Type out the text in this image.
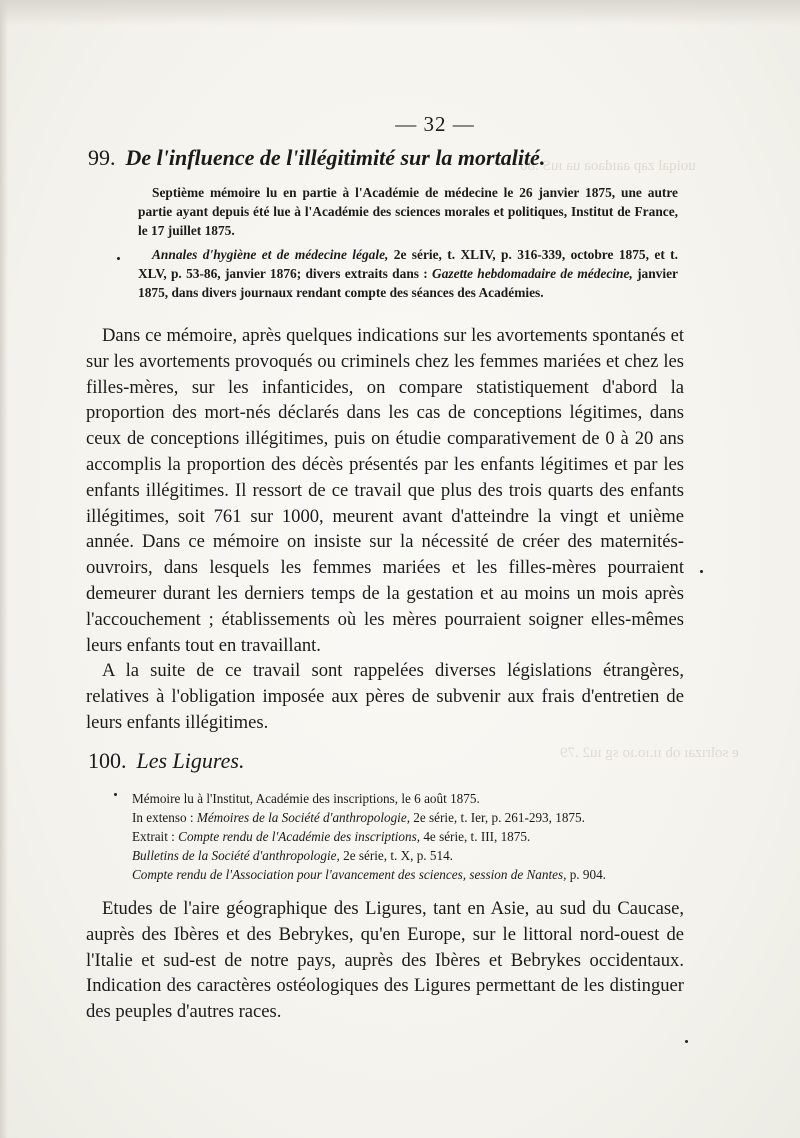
uoiqal zap aaıdaoa ua ıuS .80
e solrızaı ob ıı.ıo.ıo sg ıu2 .79
— 32 —
99. De l'influence de l'illégitimité sur la mortalité.

Septième mémoire lu en partie à l'Académie de médecine le 26 janvier 1875, une autre partie ayant depuis été lue à l'Académie des sciences morales et politiques, Institut de France, le 17 juillet 1875.

Annales d'hygiène et de médecine légale, 2e série, t. XLIV, p. 316-339, octobre 1875, et t. XLV, p. 53-86, janvier 1876; divers extraits dans : Gazette hebdomadaire de médecine, janvier 1875, dans divers journaux rendant compte des séances des Académies.

Dans ce mémoire, après quelques indications sur les avortements spontanés et sur les avortements provoqués ou criminels chez les femmes mariées et chez les filles-mères, sur les infanticides, on compare statistiquement d'abord la proportion des mort-nés déclarés dans les cas de conceptions légitimes, dans ceux de conceptions illégitimes, puis on étudie comparativement de 0 à 20 ans accomplis la proportion des décès présentés par les enfants légitimes et par les enfants illégitimes. Il ressort de ce travail que plus des trois quarts des enfants illégitimes, soit 761 sur 1000, meurent avant d'atteindre la vingt et unième année. Dans ce mémoire on insiste sur la nécessité de créer des maternités-ouvroirs, dans lesquels les femmes mariées et les filles-mères pourraient demeurer durant les derniers temps de la gestation et au moins un mois après l'accouchement ; établissements où les mères pourraient soigner elles-mêmes leurs enfants tout en travaillant.

A la suite de ce travail sont rappelées diverses législations étrangères, relatives à l'obligation imposée aux pères de subvenir aux frais d'entretien de leurs enfants illégitimes.

100. Les Ligures.

Mémoire lu à l'Institut, Académie des inscriptions, le 6 août 1875.

In extenso : Mémoires de la Société d'anthropologie, 2e série, t. Ier, p. 261-293, 1875.

Extrait : Compte rendu de l'Académie des inscriptions, 4e série, t. III, 1875.

Bulletins de la Société d'anthropologie, 2e série, t. X, p. 514.

Compte rendu de l'Association pour l'avancement des sciences, session de Nantes, p. 904.

Etudes de l'aire géographique des Ligures, tant en Asie, au sud du Caucase, auprès des Ibères et des Bebrykes, qu'en Europe, sur le littoral nord-ouest de l'Italie et sud-est de notre pays, auprès des Ibères et Bebrykes occidentaux. Indication des caractères ostéologiques des Ligures permettant de les distinguer des peuples d'autres races.
